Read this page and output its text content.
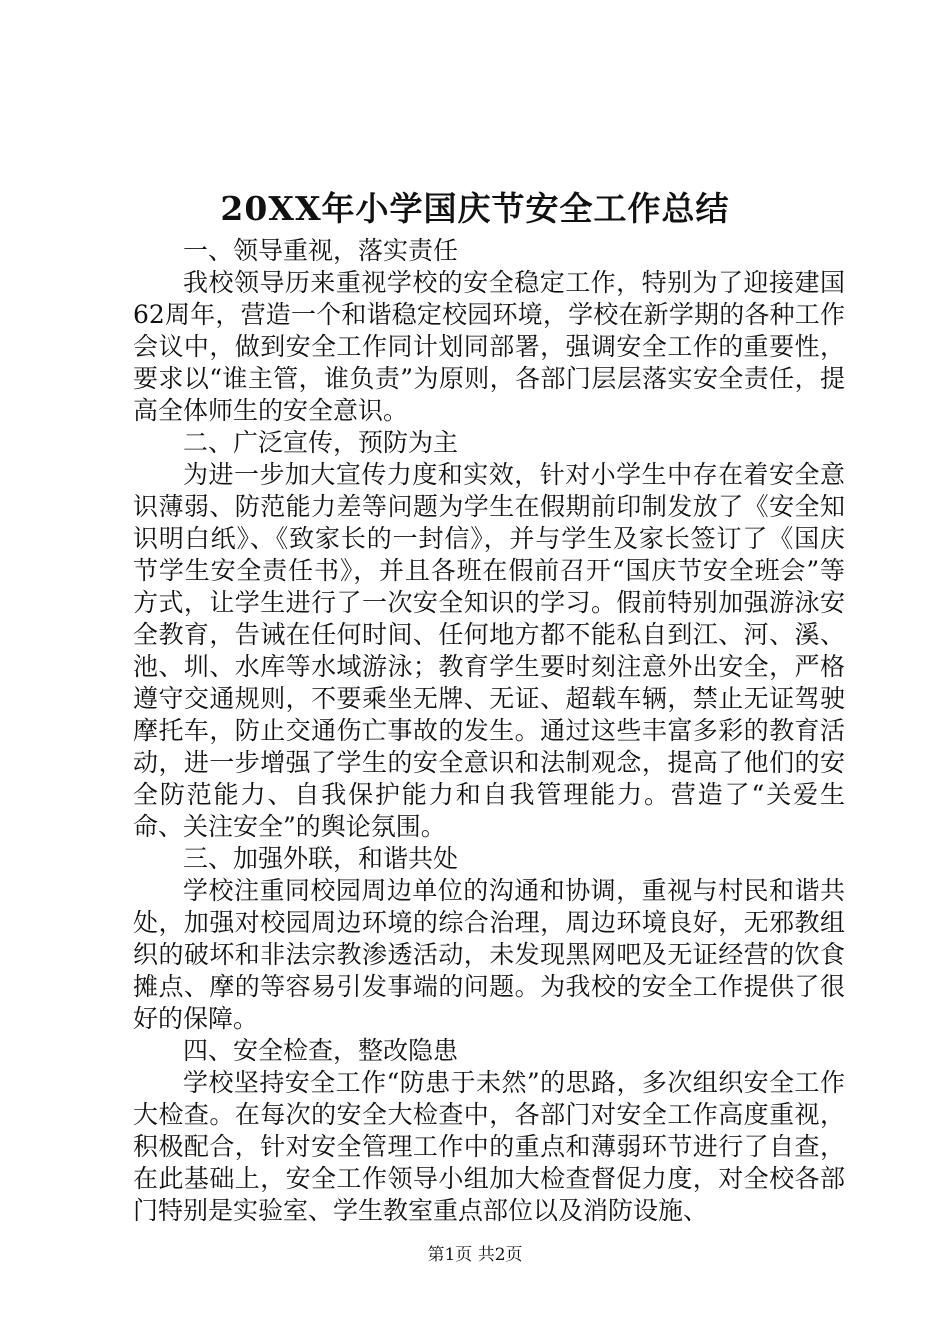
20XX年小学国庆节安全工作总结

一、领导重视，落实责任

我校领导历来重视学校的安全稳定工作，特别为了迎接建国62周年，营造一个和谐稳定校园环境，学校在新学期的各种工作会议中，做到安全工作同计划同部署，强调安全工作的重要性，要求以“谁主管，谁负责”为原则，各部门层层落实安全责任，提高全体师生的安全意识。

二、广泛宣传，预防为主

为进一步加大宣传力度和实效，针对小学生中存在着安全意识薄弱、防范能力差等问题为学生在假期前印制发放了《安全知识明白纸》、《致家长的一封信》，并与学生及家长签订了《国庆节学生安全责任书》，并且各班在假前召开“国庆节安全班会”等方式，让学生进行了一次安全知识的学习。假前特别加强游泳安全教育，告诫在任何时间、任何地方都不能私自到江、河、溪、池、圳、水库等水域游泳；教育学生要时刻注意外出安全，严格遵守交通规则，不要乘坐无牌、无证、超载车辆，禁止无证驾驶摩托车，防止交通伤亡事故的发生。通过这些丰富多彩的教育活动，进一步增强了学生的安全意识和法制观念，提高了他们的安全防范能力、自我保护能力和自我管理能力。营造了“关爱生命、关注安全”的舆论氛围。

三、加强外联，和谐共处

学校注重同校园周边单位的沟通和协调，重视与村民和谐共处，加强对校园周边环境的综合治理，周边环境良好，无邪教组织的破坏和非法宗教渗透活动，未发现黑网吧及无证经营的饮食摊点、摩的等容易引发事端的问题。为我校的安全工作提供了很好的保障。

四、安全检查，整改隐患

学校坚持安全工作“防患于未然”的思路，多次组织安全工作大检查。在每次的安全大检查中，各部门对安全工作高度重视，积极配合，针对安全管理工作中的重点和薄弱环节进行了自查，在此基础上，安全工作领导小组加大检查督促力度，对全校各部门特别是实验室、学生教室重点部位以及消防设施、

第1页 共2页
